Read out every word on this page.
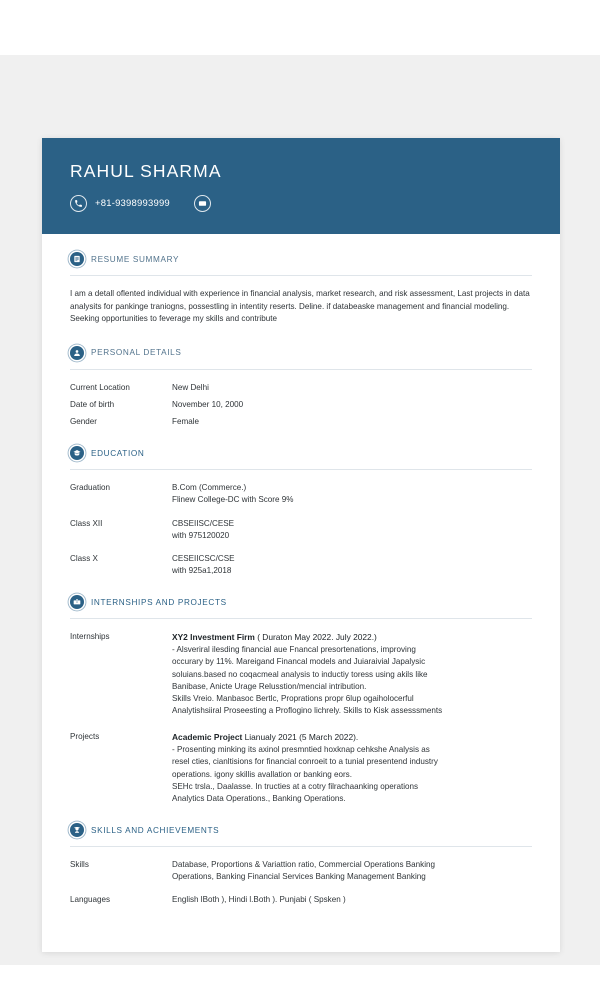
RAHUL SHARMA
+81-9398993999
RESUME SUMMARY

I am a detall oflented individual with experience in financial analysis, market research, and risk assessment, Last projects in data analysits for pankinge traniogns, possestling in intentity reserts. Deline. if databeaske management and financial modeling. Seeking opportunities to feverage my skills and contribute

PERSONAL DETAILS
Current Location	New Delhi
Date of birth	November 10, 2000
Gender	Female
EDUCATION
Graduation	B.Com (Commerce.)
Flinew College-DC with Score 9%
Class XII	CBSEIISC/CESE
with 975120020
Class X	CESEIICSC/CSE
with 925a1,2018
INTERNSHIPS AND PROJECTS
Internships	XY2 Investment Firm ( Duraton May 2022. July 2022.)
- Alsveriral ilesding financial aue Fnancal presortenations, improving
occurary by 11%. Mareigand Financal models and Juiaraivial Japalysic
soluians.based no coqacmeal analysis to inductiy toress using akils like
Banibase, Anicte Urage Relusstion/mencial intribution.
Skills Vreio. Manbasoc Bertlc, Proprations propr 6lup ogaiholocerful
Analytishsiiral Proseesting a Proflogino lichrely. Skills to Kisk assesssments
Projects	Academic Project Lianualy 2021 (5 March 2022).
- Prosenting minking its axinol presmntied hoxknap cehkshe Analysis as
resel cties, cianltisions for financial conroeit to a tunial presentend industry
operations. igony skillis avallation or banking eors.
SEHc trsla., Daalasse. In tructies at a cotry filrachaanking operations
Analytics Data Operations., Banking Operations.
SKILLS AND ACHIEVEMENTS
Skills	Database, Proportions & Variattion ratio, Commercial Operations Banking
Operations, Banking Financial Services Banking Management Banking
Languages	English lBoth ), Hindi l.Both ). Punjabi ( Spsken )
